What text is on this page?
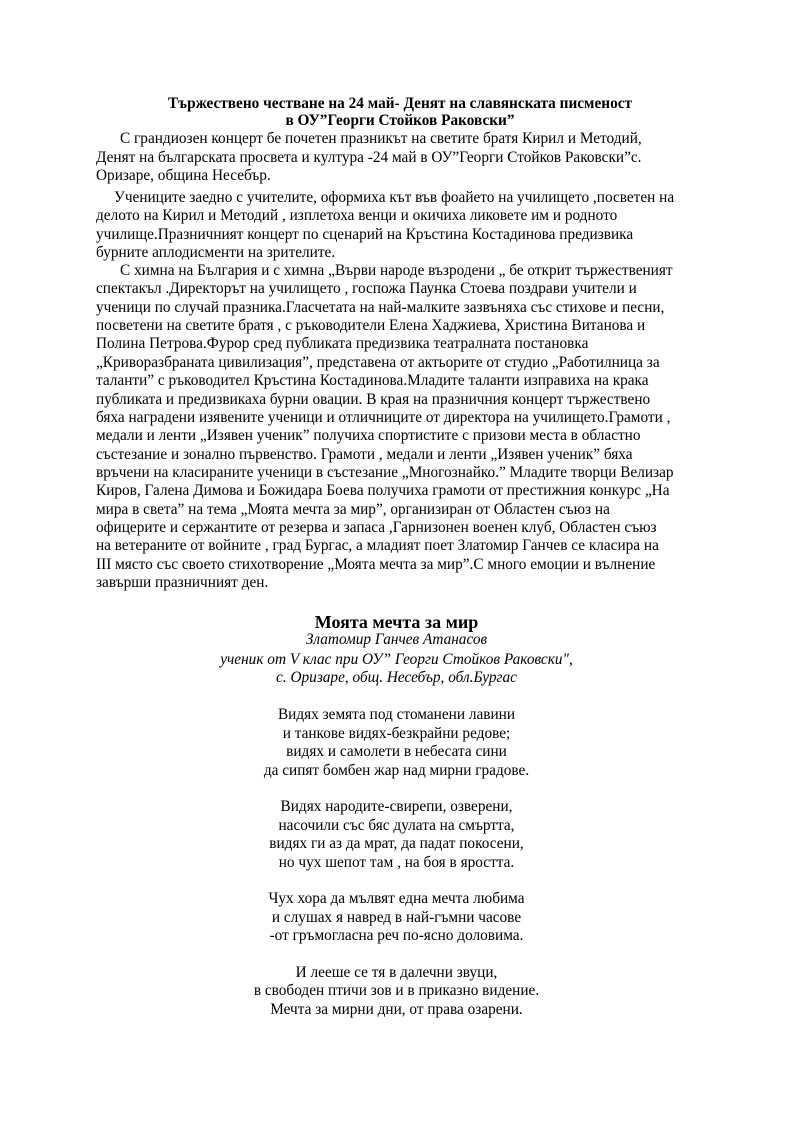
Тържествено честване на 24 май- Денят на славянската писменост
в ОУ”Георги Стойков Раковски”
С грандиозен концерт бе почетен празникът на светите братя Кирил и Методий,
Денят на българската просвета и култура -24 май в ОУ”Георги Стойков Раковски”с.
Оризаре, община Несебър.
Учениците заедно с учителите, оформиха кът във фоайето на училището ,посветен на
делото на Кирил и Методий , изплетоха венци и окичиха ликовете им и родното
училище.Празничният концерт по сценарий на Кръстина Костадинова предизвика
бурните аплодисменти на зрителите.
С химна на България и с химна „Върви народе възродени „ бе открит тържественият
спектакъл .Директорът на училището , госпожа Паунка Стоева поздрави учители и
ученици по случай празника.Гласчетата на най-малките зазвъняха със стихове и песни,
посветени на светите братя , с ръководители Елена Хаджиева, Христина Витанова и
Полина Петрова.Фурор сред публиката предизвика театралната постановка
„Криворазбраната цивилизация”, представена от актьорите от студио „Работилница за
таланти” с ръководител Кръстина Костадинова.Младите таланти изправиха на крака
публиката и предизвикаха бурни овации. В края на празничния концерт тържествено
бяха наградени изявените ученици и отличниците от директора на училището.Грамоти ,
медали и ленти „Изявен ученик” получиха спортистите с призови места в областно
състезание и зонално първенство. Грамоти , медали и ленти „Изявен ученик” бяха
връчени на класираните ученици в състезание „Многознайко.” Младите творци Велизар
Киров, Галена Димова и Божидара Боева получиха грамоти от престижния конкурс „На
мира в света” на тема „Моята мечта за мир”, организиран от Областен съюз на
офицерите и сержантите от резерва и запаса ,Гарнизонен военен клуб, Областен съюз
на ветераните от войните , град Бургас, а младият поет Златомир Ганчев се класира на
III място със своето стихотворение „Моята мечта за мир”.С много емоции и вълнение
завърши празничният ден.
Моята мечта за мир
Златомир Ганчев Атанасов
ученик от V клас при ОУ” Георги Стойков Раковски",
с. Оризаре, общ. Несебър, обл.Бургас
Видях земята под стоманени лавини
и танкове видях-безкрайни редове;
видях и самолети в небесата сини
да сипят бомбен жар над мирни градове.
Видях народите-свирепи, озверени,
насочили със бяс дулата на смъртта,
видях ги аз да мрат, да падат покосени,
но чух шепот там , на боя в яростта.
Чух хора да мълвят една мечта любима
и слушах я навред в най-гъмни часове
-от гръмогласна реч по-ясно доловима.
И лееше се тя в далечни звуци,
в свободен птичи зов и в приказно видение.
Мечта за мирни дни, от права озарени.
